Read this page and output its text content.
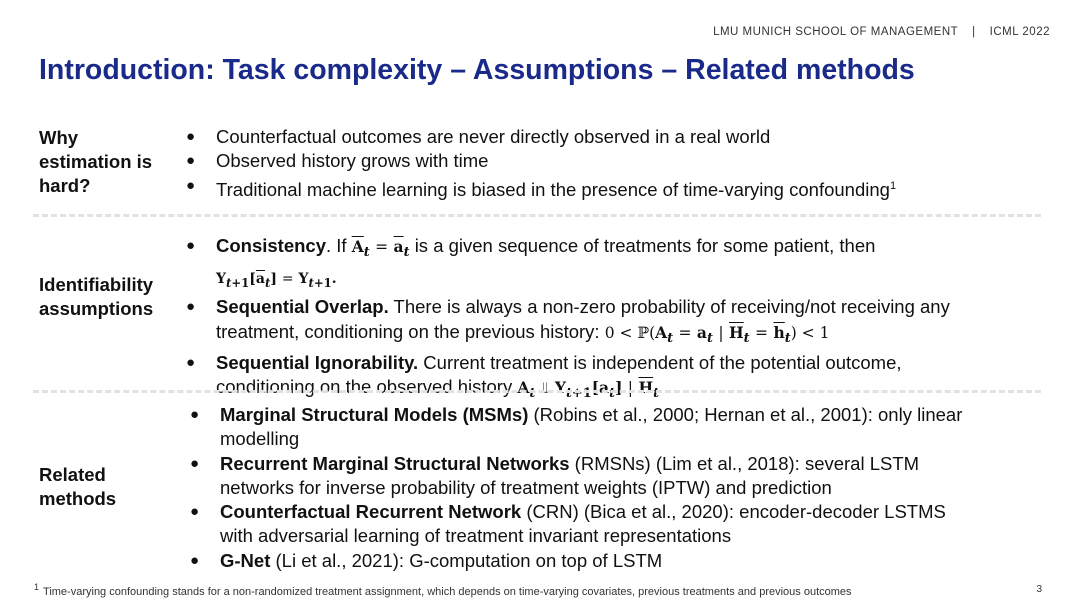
LMU MUNICH SCHOOL OF MANAGEMENT | ICML 2022
Introduction: Task complexity – Assumptions – Related methods

Why
estimation is
hard?

● Counterfactual outcomes are never directly observed in a real world
● Observed history grows with time
● Traditional machine learning is biased in the presence of time-varying confounding$^1$

Identifiability
assumptions

● Consistency. If $\overline{A}_t = \overline{a}_t$ is a given sequence of treatments for some patient, then
$Y_{t+1}[\overline{a}_t] = Y_{t+1}$.
● Sequential Overlap. There is always a non-zero probability of receiving/not receiving any
treatment, conditioning on the previous history: $0 < ℙ(A_t = a_t$ | $\overline{H}_t = \overline{h}_t) < 1$
● Sequential Ignorability. Current treatment is independent of the potential outcome,
conditioning on the observed history $A_t$ ⫫ $Y_{t+1}[a_t]$ | $\overline{H}_t$

Related
methods

● Marginal Structural Models (MSMs) (Robins et al., 2000; Hernan et al., 2001): only linear
modelling
● Recurrent Marginal Structural Networks (RMSNs) (Lim et al., 2018): several LSTM
networks for inverse probability of treatment weights (IPTW) and prediction
● Counterfactual Recurrent Network (CRN) (Bica et al., 2020): encoder-decoder LSTMS
with adversarial learning of treatment invariant representations
● G-Net (Li et al., 2021): G-computation on top of LSTM
$^1$ Time-varying confounding stands for a non-randomized treatment assignment, which depends on time-varying covariates, previous treatments and previous outcomes	3
